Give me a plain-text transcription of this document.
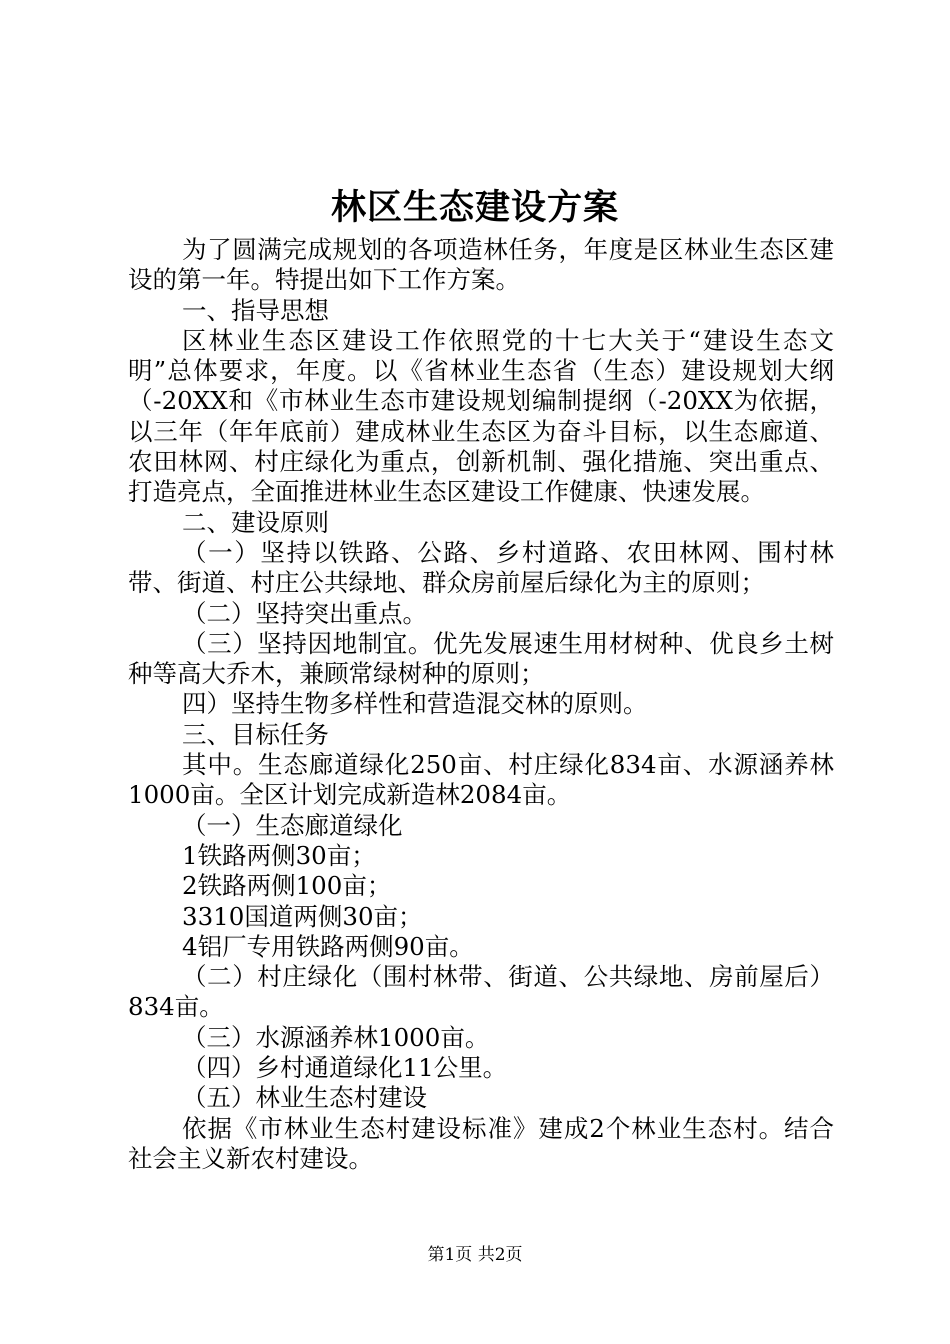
林区生态建设方案

为了圆满完成规划的各项造林任务，年度是区林业生态区建设的第一年。特提出如下工作方案。

一、指导思想

区林业生态区建设工作依照党的十七大关于“建设生态文明”总体要求，年度。以《省林业生态省（生态）建设规划大纲（-20XX和《市林业生态市建设规划编制提纲（-20XX为依据，以三年（年年底前）建成林业生态区为奋斗目标，以生态廊道、农田林网、村庄绿化为重点，创新机制、强化措施、突出重点、打造亮点，全面推进林业生态区建设工作健康、快速发展。

二、建设原则

（一）坚持以铁路、公路、乡村道路、农田林网、围村林带、街道、村庄公共绿地、群众房前屋后绿化为主的原则；

（二）坚持突出重点。

（三）坚持因地制宜。优先发展速生用材树种、优良乡土树种等高大乔木，兼顾常绿树种的原则；

四）坚持生物多样性和营造混交林的原则。

三、目标任务

其中。生态廊道绿化250亩、村庄绿化834亩、水源涵养林1000亩。全区计划完成新造林2084亩。

（一）生态廊道绿化

1铁路两侧30亩；

2铁路两侧100亩；

3310国道两侧30亩；

4铝厂专用铁路两侧90亩。

（二）村庄绿化（围村林带、街道、公共绿地、房前屋后）834亩。

（三）水源涵养林1000亩。

（四）乡村通道绿化11公里。

（五）林业生态村建设

依据《市林业生态村建设标准》建成2个林业生态村。结合社会主义新农村建设。

第1页 共2页
